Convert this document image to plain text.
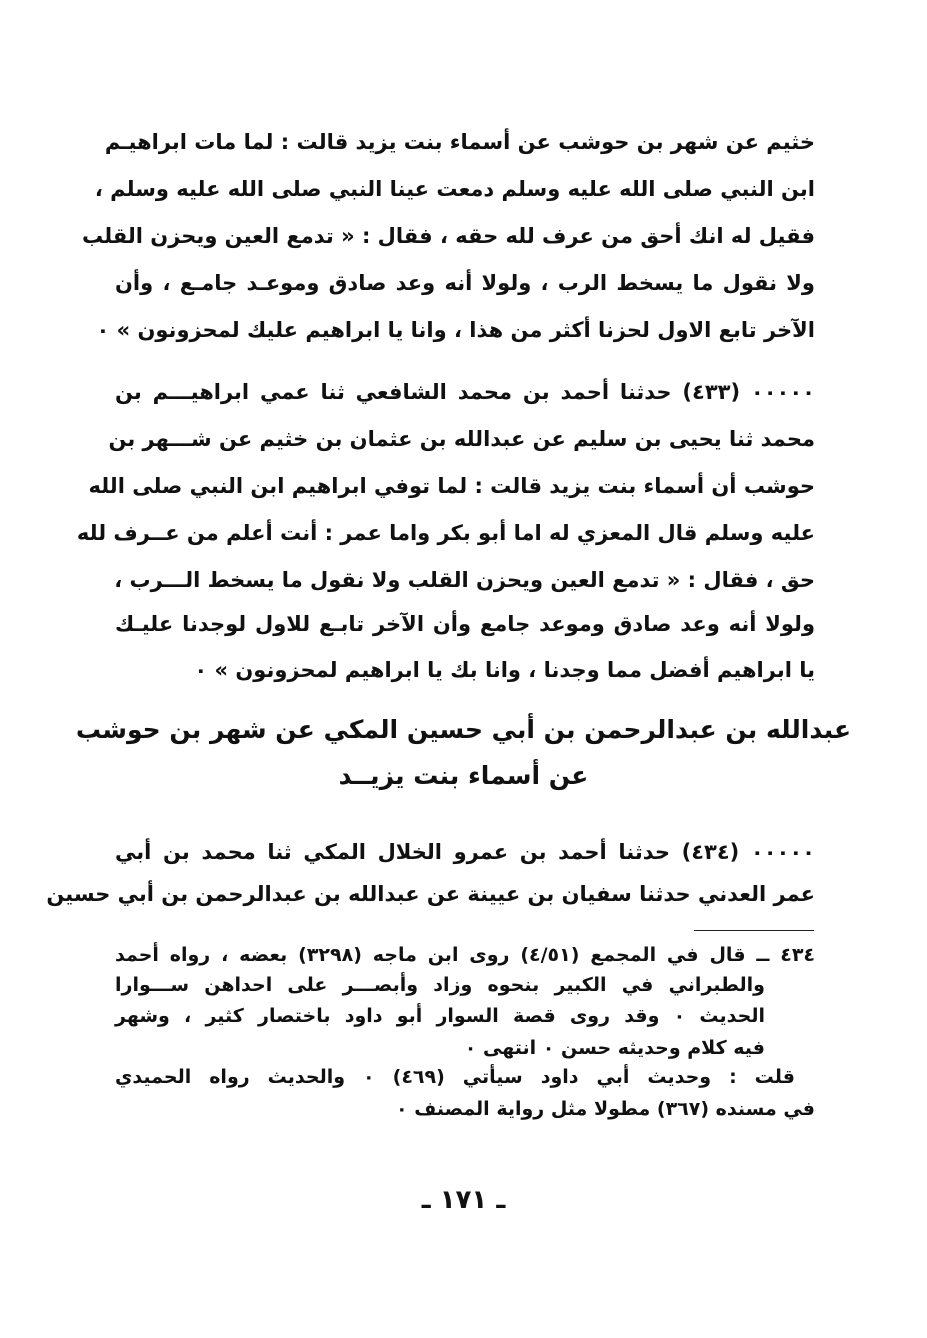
خثيم عن شهر بن حوشب عن أسماء بنت يزيد قالت : لما مات ابراهيـم
ابن النبي صلى الله عليه وسلم دمعت عينا النبي صلى الله عليه وسلم ،
فقيل له انك أحق من عرف لله حقه ، فقال : « تدمع العين ويحزن القلب
ولا نقول ما يسخط الرب ، ولولا أنه وعد صادق وموعـد جامـع ، وأن
الآخر تابع الاول لحزنا أكثر من هذا ، وانا يا ابراهيم عليك لمحزونون » ٠
٠٠٠٠٠ (٤٣٣) حدثنا أحمد بن محمد الشافعي ثنا عمي ابراهيـــم بن
محمد ثنا يحيى بن سليم عن عبدالله بن عثمان بن خثيم عن شـــهر بن
حوشب أن أسماء بنت يزيد قالت : لما توفي ابراهيم ابن النبي صلى الله
عليه وسلم قال المعزي له اما أبو بكر واما عمر : أنت أعلم من عــرف لله
حق ، فقال : « تدمع العين ويحزن القلب ولا نقول ما يسخط الـــرب ،
ولولا أنه وعد صادق وموعد جامع وأن الآخر تابـع للاول لوجدنا عليـك
يا ابراهيم أفضل مما وجدنا ، وانا بك يا ابراهيم لمحزونون » ٠
عبدالله بن عبدالرحمن بن أبي حسين المكي عن شهر بن حوشب
عن أسماء بنت يزيــد
٠٠٠٠٠ (٤٣٤) حدثنا أحمد بن عمرو الخلال المكي ثنا محمد بن أبي
عمر العدني حدثنا سفيان بن عيينة عن عبدالله بن عبدالرحمن بن أبي حسين
٤٣٤ ــ قال في المجمع (٤/٥١) روى ابن ماجه (٣٢٩٨) بعضه ، رواه أحمد
والطبراني في الكبير بنحوه وزاد وأبصـــر على احداهن ســـوارا
الحديث ٠ وقد روى قصة السوار أبو داود باختصار كثير ، وشهر
فيه كلام وحديثه حسن ٠ انتهى ٠
قلت : وحديث أبي داود سيأتي (٤٦٩) ٠ والحديث رواه الحميدي
في مسنده (٣٦٧) مطولا مثل رواية المصنف ٠
ـ ١٧١ ـ
